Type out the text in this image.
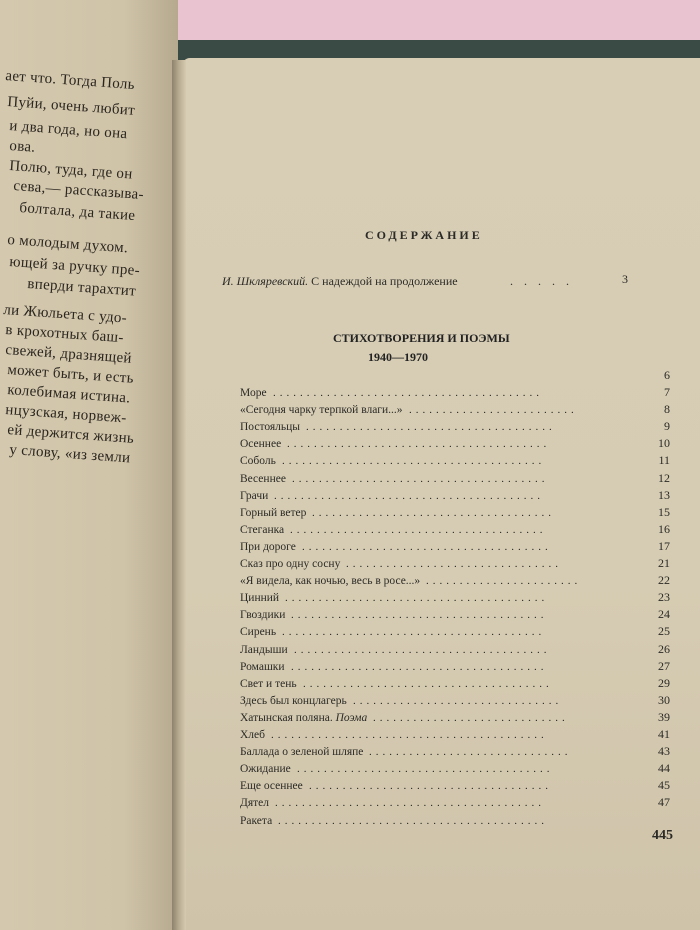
ает что. Тогда Поль
Пуйи, очень любит
и два года, но она
ова.
Полю, туда, где он
сева,— рассказыва-
болтала, да такие
о молодым духом.
ющей за ручку пре-
вперди тарахтит
ли Жюльета с удо-
в крохотных баш-
свежей, дразнящей
может быть, и есть
колебимая истина.
нцузская, норвеж-
ей держится жизнь
у слову, «из земли
СОДЕРЖАНИЕ
И. Шкляревский. С надеждой на продолжение	. . . . .	3
СТИХОТВОРЕНИЯ И ПОЭМЫ
1940—1970
6
Море ........................................	7
«Сегодня чарку терпкой влаги...» .........................	8
Постояльцы .....................................	9
Осеннее .......................................	10
Соболь .......................................	11
Весеннее ......................................	12
Грачи ........................................	13
Горный ветер ....................................	15
Стеганка ......................................	16
При дороге .....................................	17
Сказ про одну сосну ................................	21
«Я видела, как ночью, весь в росе...» .......................	22
Цинний .......................................	23
Гвоздики ......................................	24
Сирень .......................................	25
Ландыши ......................................	26
Ромашки ......................................	27
Свет и тень .....................................	29
Здесь был концлагерь ...............................	30
Хатынская поляна. Поэма .............................	39
Хлеб .........................................	41
Баллада о зеленой шляпе ..............................	43
Ожидание ......................................	44
Еще осеннее ....................................	45
Дятел ........................................	47
Ракета ........................................
445
